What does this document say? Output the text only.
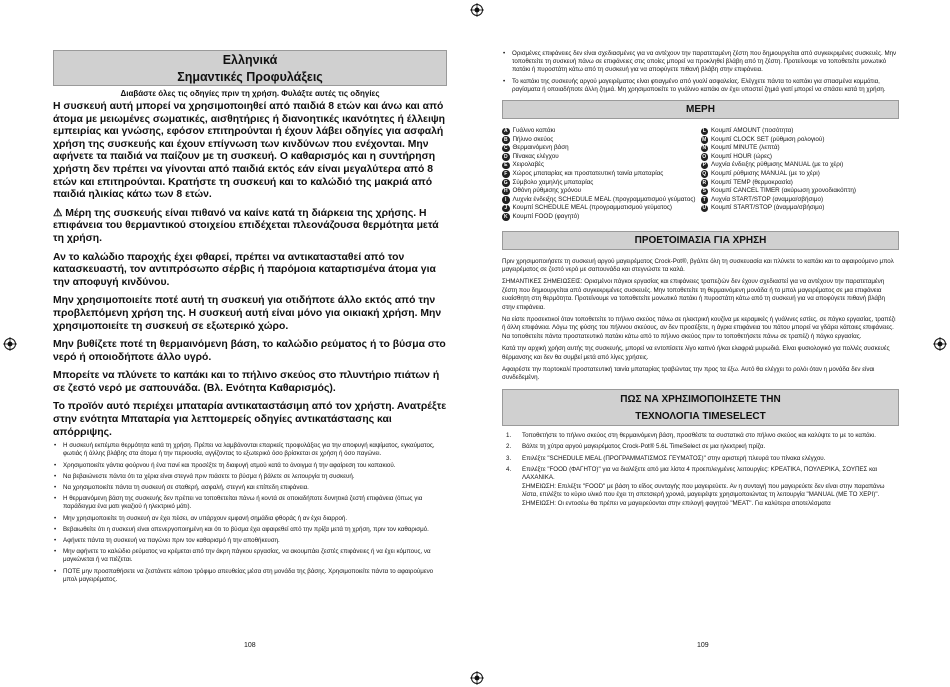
Ελληνικά
Σημαντικές Προφυλάξεις
Διαβάστε όλες τις οδηγίες πριν τη χρήση. Φυλάξτε αυτές τις οδηγίες

Η συσκευή αυτή μπορεί να χρησιμοποιηθεί από παιδιά 8 ετών και άνω και από άτομα με μειωμένες σωματικές, αισθητήριες ή διανοητικές ικανότητες ή έλλειψη εμπειρίας και γνώσης, εφόσον επιτηρούνται ή έχουν λάβει οδηγίες για ασφαλή χρήση της συσκευής και έχουν επίγνωση των κινδύνων που ενέχονται. Μην αφήνετε τα παιδιά να παίζουν με τη συσκευή. Ο καθαρισμός και η συντήρηση χρήστη δεν πρέπει να γίνονται από παιδιά εκτός εάν είναι μεγαλύτερα από 8 ετών και επιτηρούνται. Κρατήστε τη συσκευή και το καλώδιό της μακριά από παιδιά ηλικίας κάτω των 8 ετών.

⚠ Μέρη της συσκευής είναι πιθανό να καίνε κατά τη διάρκεια της χρήσης. Η επιφάνεια του θερμαντικού στοιχείου επιδέχεται πλεονάζουσα θερμότητα μετά τη χρήση.

Αν το καλώδιο παροχής έχει φθαρεί, πρέπει να αντικατασταθεί από τον κατασκευαστή, τον αντιπρόσωπο σέρβις ή παρόμοια καταρτισμένα άτομα για την αποφυγή κινδύνου.

Μην χρησιμοποιείτε ποτέ αυτή τη συσκευή για οτιδήποτε άλλο εκτός από την προβλεπόμενη χρήση της. Η συσκευή αυτή είναι μόνο για οικιακή χρήση. Μην χρησιμοποιείτε τη συσκευή σε εξωτερικό χώρο.

Μην βυθίζετε ποτέ τη θερμαινόμενη βάση, το καλώδιο ρεύματος ή το βύσμα στο νερό ή οποιοδήποτε άλλο υγρό.

Μπορείτε να πλύνετε το καπάκι και το πήλινο σκεύος στο πλυντήριο πιάτων ή σε ζεστό νερό με σαπουνάδα. (Βλ. Ενότητα Καθαρισμός).

Το προϊόν αυτό περιέχει μπαταρία αντικαταστάσιμη από τον χρήστη. Ανατρέξτε στην ενότητα Μπαταρία για λεπτομερείς οδηγίες αντικατάστασης και απόρριψης.

• Η συσκευή εκπέμπει θερμότητα κατά τη χρήση. Πρέπει να λαμβάνονται επαρκείς προφυλάξεις για την αποφυγή καψίματος, εγκαύματος, φωτιάς ή άλλης βλάβης στα άτομα ή την περιουσία, αγγίζοντας το εξωτερικό όσο βρίσκεται σε χρήση ή όσο παγώνει.
• Χρησιμοποιείτε γάντια φούρνου ή ένα πανί και προσέξτε τη διαφυγή ατμού κατά το άνοιγμα ή την αφαίρεση του καπακιού.
• Να βεβαιώνεστε πάντα ότι τα χέρια είναι στεγνά πριν πιάσετε το βύσμα ή βάλετε σε λειτουργία τη συσκευή.
• Να χρησιμοποιείτε πάντα τη συσκευή σε σταθερή, ασφαλή, στεγνή και επίπεδη επιφάνεια.
• Η θερμαινόμενη βάση της συσκευής δεν πρέπει να τοποθετείται πάνω ή κοντά σε οποιαδήποτε δυνητικά ζεστή επιφάνεια (όπως για παράδειγμα ένα ματι γκαζιού ή ηλεκτρικό μάτι).
• Μην χρησιμοποιείτε τη συσκευή αν έχει πέσει, αν υπάρχουν εμφανή σημάδια φθοράς ή αν έχει διαρροή.
• Βεβαιωθείτε ότι η συσκευή είναι απενεργοποιημένη και ότι το βύσμα έχει αφαιρεθεί από την πρίζα μετά τη χρήση, πριν τον καθαρισμό.
• Αφήνετε πάντα τη συσκευή να παγώνει πριν τον καθαρισμό ή την αποθήκευση.
• Μην αφήνετε το καλώδιο ρεύματος να κρέμεται από την άκρη πάγκου εργασίας, να ακουμπάει ζεστές επιφάνειες ή να έχει κόμπους, να μαγκώνεται ή να πιέζεται.
• ΠΟΤΕ μην προσπαθήσετε να ζεστάνετε κάποιο τρόφιμο απευθείας μέσα στη μονάδα της βάσης. Χρησιμοποιείτε πάντα το αφαιρούμενο μπολ μαγειρέματος.
108
• Ορισμένες επιφάνειες δεν είναι σχεδιασμένες για να αντέχουν την παρατεταμένη ζέστη που δημιουργείται από συγκεκριμένες συσκευές. Μην τοποθετείτε τη συσκευή πάνω σε επιφάνειες στις οποίες μπορεί να προκληθεί βλάβη από τη ζέστη. Προτείνουμε να τοποθετείτε μονωτικό πατάκι ή πυροστάτη κάτω από τη συσκευή για να αποφύγετε πιθανή βλάβη στην επιφάνεια.
• Το καπάκι της συσκευής αργού μαγειρέματος είναι φτιαγμένο από γυαλί ασφαλείας. Ελέγχετε πάντα το καπάκι για σπασμένα κομμάτια, ραγίσματα ή οποιαδήποτε άλλη ζημιά. Μη χρησιμοποιείτε το γυάλινο καπάκι αν έχει υποστεί ζημιά γιατί μπορεί να σπάσει κατά τη χρήση.
ΜΕΡΗ
A Γυάλινο καπάκι
B Πήλινο σκεύος
C Θερμαινόμενη βάση
D Πίνακας ελέγχου
E Χειρολαβές
F Χώρος μπαταρίας και προστατευτική ταινία μπαταρίας
G Σύμβολο χαμηλής μπαταρίας
H Οθόνη ρύθμισης χρόνου
I Λυχνία ένδειξης SCHEDULE MEAL (προγραμματισμού γεύματος)
J Κουμπί SCHEDULE MEAL (προγραμματισμού γεύματος)
K Κουμπί FOOD (φαγητό)
L Κουμπί AMOUNT (ποσότητα)
M Κουμπί CLOCK SET (ρύθμιση ρολογιού)
N Κουμπί MINUTE (λεπτά)
O Κουμπί HOUR (ώρες)
P Λυχνία ένδειξης ρύθμισης MANUAL (με το χέρι)
Q Κουμπί ρύθμισης MANUAL (με το χέρι)
R Κουμπί TEMP (θερμοκρασία)
S Κουμπί CANCEL TIMER (ακύρωση χρονοδιακόπτη)
T Λυχνία START/STOP (αναμμα/σβήσιμο)
U Κουμπί START/STOP (άναμμα/σβήσιμο)
ΠΡΟΕΤΟΙΜΑΣΙΑ ΓΙΑ ΧΡΗΣΗ

Πριν χρησιμοποιήσετε τη συσκευή αργού μαγειρέματος Crock-Pot®, βγάλτε όλη τη συσκευασία και πλύνετε το καπάκι και το αφαιρούμενο μπολ μαγειρέματος σε ζεστό νερό με σαπουνάδα και στεγνώστε τα καλά.

ΣΗΜΑΝΤΙΚΕΣ ΣΗΜΕΙΩΣΕΙΣ: Ορισμένοι πάγκοι εργασίας και επιφάνειες τραπεζιών δεν έχουν σχεδιαστεί για να αντέχουν την παρατεταμένη ζέστη που δημιουργείται από συγκεκριμένες συσκευές. Μην τοποθετείτε τη θερμαινόμενη μονάδα ή το μπολ μαγειρέματος σε μια επιφάνεια ευαίσθητη στη θερμότητα. Προτείνουμε να τοποθετείτε μονωτικό πατάκι ή πυροστάτη κάτω από τη συσκευή για να αποφύγετε πιθανή βλάβη στην επιφάνεια.

Να είστε προσεκτικοί όταν τοποθετείτε το πήλινο σκεύος πάνω σε ηλεκτρική κουζίνα με κεραμικές ή γυάλινες εστίες, σε πάγκο εργασίας, τραπέζι ή άλλη επιφάνεια. Λόγω της φύσης του πήλινου σκεύους, αν δεν προσέξετε, η άγρια επιφάνεια του πάτου μπορεί να γδάρει κάποιες επιφάνειες. Να τοποθετείτε πάντα προστατευτικό πατάκι κάτω από το πήλινο σκεύος πριν το τοποθετήσετε πάνω σε τραπέζι ή πάγκο εργασίας.

Κατά την αρχική χρήση αυτής της συσκευής, μπορεί να εντοπίσετε λίγο καπνό ή/και ελαφριά μυρωδιά. Είναι φυσιολογικό για πολλές συσκευές θέρμανσης και δεν θα συμβεί μετά από λίγες χρήσεις.

Αφαιρέστε την πορτοκαλί προστατευτική ταινία μπαταρίας τραβώντας την προς τα έξω. Αυτό θα ελέγχει το ρολόι όταν η μονάδα δεν είναι συνδεδεμένη.

ΠΩΣ ΝΑ ΧΡΗΣΙΜΟΠΟΙΗΣΕΤΕ ΤΗΝ
ΤΕΧΝΟΛΟΓΙΑ TIMESELECT
1. Τοποθετήστε το πήλινο σκεύος στη θερμαινόμενη βάση, προσθέστε τα συστατικά στο πήλινο σκεύος και καλύψτε το με το καπάκι.
2. Βάλτε τη χύτρα αργού μαγειρέματος Crock-Pot® 5.6L TimeSelect σε μια ηλεκτρική πρίζα.
3. Επιλέξτε "SCHEDULE MEAL (ΠΡΟΓΡΑΜΜΑΤΙΣΜΟΣ ΓΕΥΜΑΤΟΣ)" στην αριστερή πλευρά του πίνακα ελέγχου.
4. Επιλέξτε "FOOD (ΦΑΓΗΤΟ)" για να διαλέξετε από μια λίστα 4 προεπιλεγμένες λειτουργίες: ΚΡΕΑΤΙΚΑ, ΠΟΥΛΕΡΙΚΑ, ΣΟΥΠΕΣ και ΛΑΧΑΝΙΚΑ.
ΣΗΜΕΙΩΣΗ: Επιλέξτε "FOOD" με βάση το είδος συνταγής που μαγειρεύετε. Αν η συνταγή που μαγειρεύετε δεν είναι στην παραπάνω λίστα, επιλέξτε το κύριο υλικό που έχει τη σπετσιερή χρονιά, μαγειρέψτε χρησιμοποιώντας τη λειτουργία "MANUAL (ΜΕ ΤΟ ΧΕΡΙ)".
ΣΗΜΕΙΩΣΗ: Οι εντοσέω θα πρέπει να μαγειρεύονται στην επιλογή φαγητού "MEAT". Για καλύτερα αποτελέσματα
109
